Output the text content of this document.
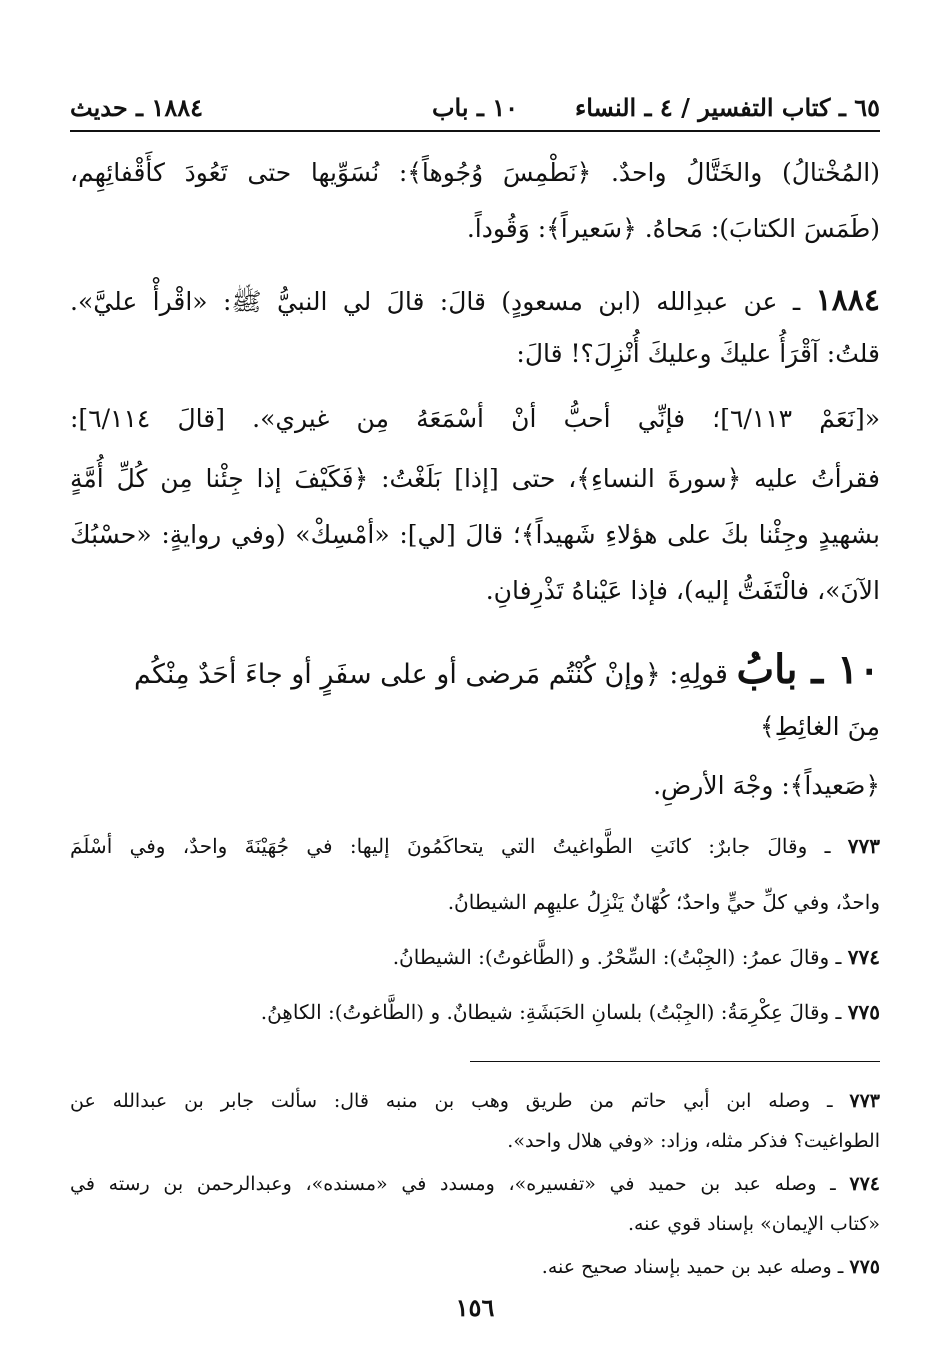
٦٥ ـ كتاب التفسير / ٤ ـ النساء
١٠ ـ باب
١٨٨٤ ـ حديث
(المُخْتالُ) والخَتَّالُ واحدٌ. ﴿نَطْمِسَ وُجُوهاً﴾: نُسَوِّيها حتى تَعُودَ كأَقْفائِهِم،
(طَمَسَ الكتابَ): مَحاهُ. ﴿سَعيراً﴾: وَقُوداً.
١٨٨٤ ـ عن عبدِالله (ابن مسعودٍ) قالَ: قالَ لي النبيُّ ﷺ: «اقْرأْ عليَّ».
قلتُ: آقْرَأُ عليكَ وعليكَ أُنْزِلَ؟! قالَ:
«[نَعَمْ ٦/١١٣]؛ فإنِّي أحبُّ أنْ أسْمَعَهُ مِن غيري». [قالَ ٦/١١٤]:
فقرأتُ عليه ﴿سورةَ النساءِ﴾، حتى [إذا] بَلَغْتُ: ﴿فَكَيْفَ إذا جِئْنا مِن كُلِّ أُمَّةٍ
بشهيدٍ وجِئْنا بكَ على هؤلاءِ شَهيداً﴾؛ قالَ [لي]: «أمْسِكْ» (وفي روايةٍ: «حسْبُكَ
الآنَ»، فالْتَفَتُّ إليه)، فإذا عَيْناهُ تَذْرِفانِ.
١٠ ـ بابُ قولِهِ: ﴿وإنْ كُنْتُم مَرضى أو على سفَرٍ أو جاءَ أحَدٌ مِنْكُم
مِنَ الغائِطِ﴾
﴿صَعيداً﴾: وجْهَ الأرضِ.
٧٧٣ ـ وقالَ جابرٌ: كانَتِ الطَّواغيتُ التي يتحاكَمُونَ إليها: في جُهَيْنَةَ واحدٌ، وفي أسْلَمَ
واحدٌ، وفي كلِّ حيٍّ واحدٌ؛ كُهّانٌ يَنْزِلُ عليهِم الشيطانُ.
٧٧٤ ـ وقالَ عمرُ: (الجِبْتُ): السِّحْرُ. و (الطَّاغوتُ): الشيطانُ.
٧٧٥ ـ وقالَ عِكْرِمَةُ: (الجِبْتُ) بلسانِ الحَبَشَةِ: شيطانٌ. و (الطَّاغوتُ): الكاهِنُ.
٧٧٣ ـ وصله ابن أبي حاتم من طريق وهب بن منبه قال: سألت جابر بن عبدالله عن
الطواغيت؟ فذكر مثله، وزاد: «وفي هلال واحد».
٧٧٤ ـ وصله عبد بن حميد في «تفسيره»، ومسدد في «مسنده»، وعبدالرحمن بن رسته في
«كتاب الإيمان» بإسناد قوي عنه.
٧٧٥ ـ وصله عبد بن حميد بإسناد صحيح عنه.
١٥٦
